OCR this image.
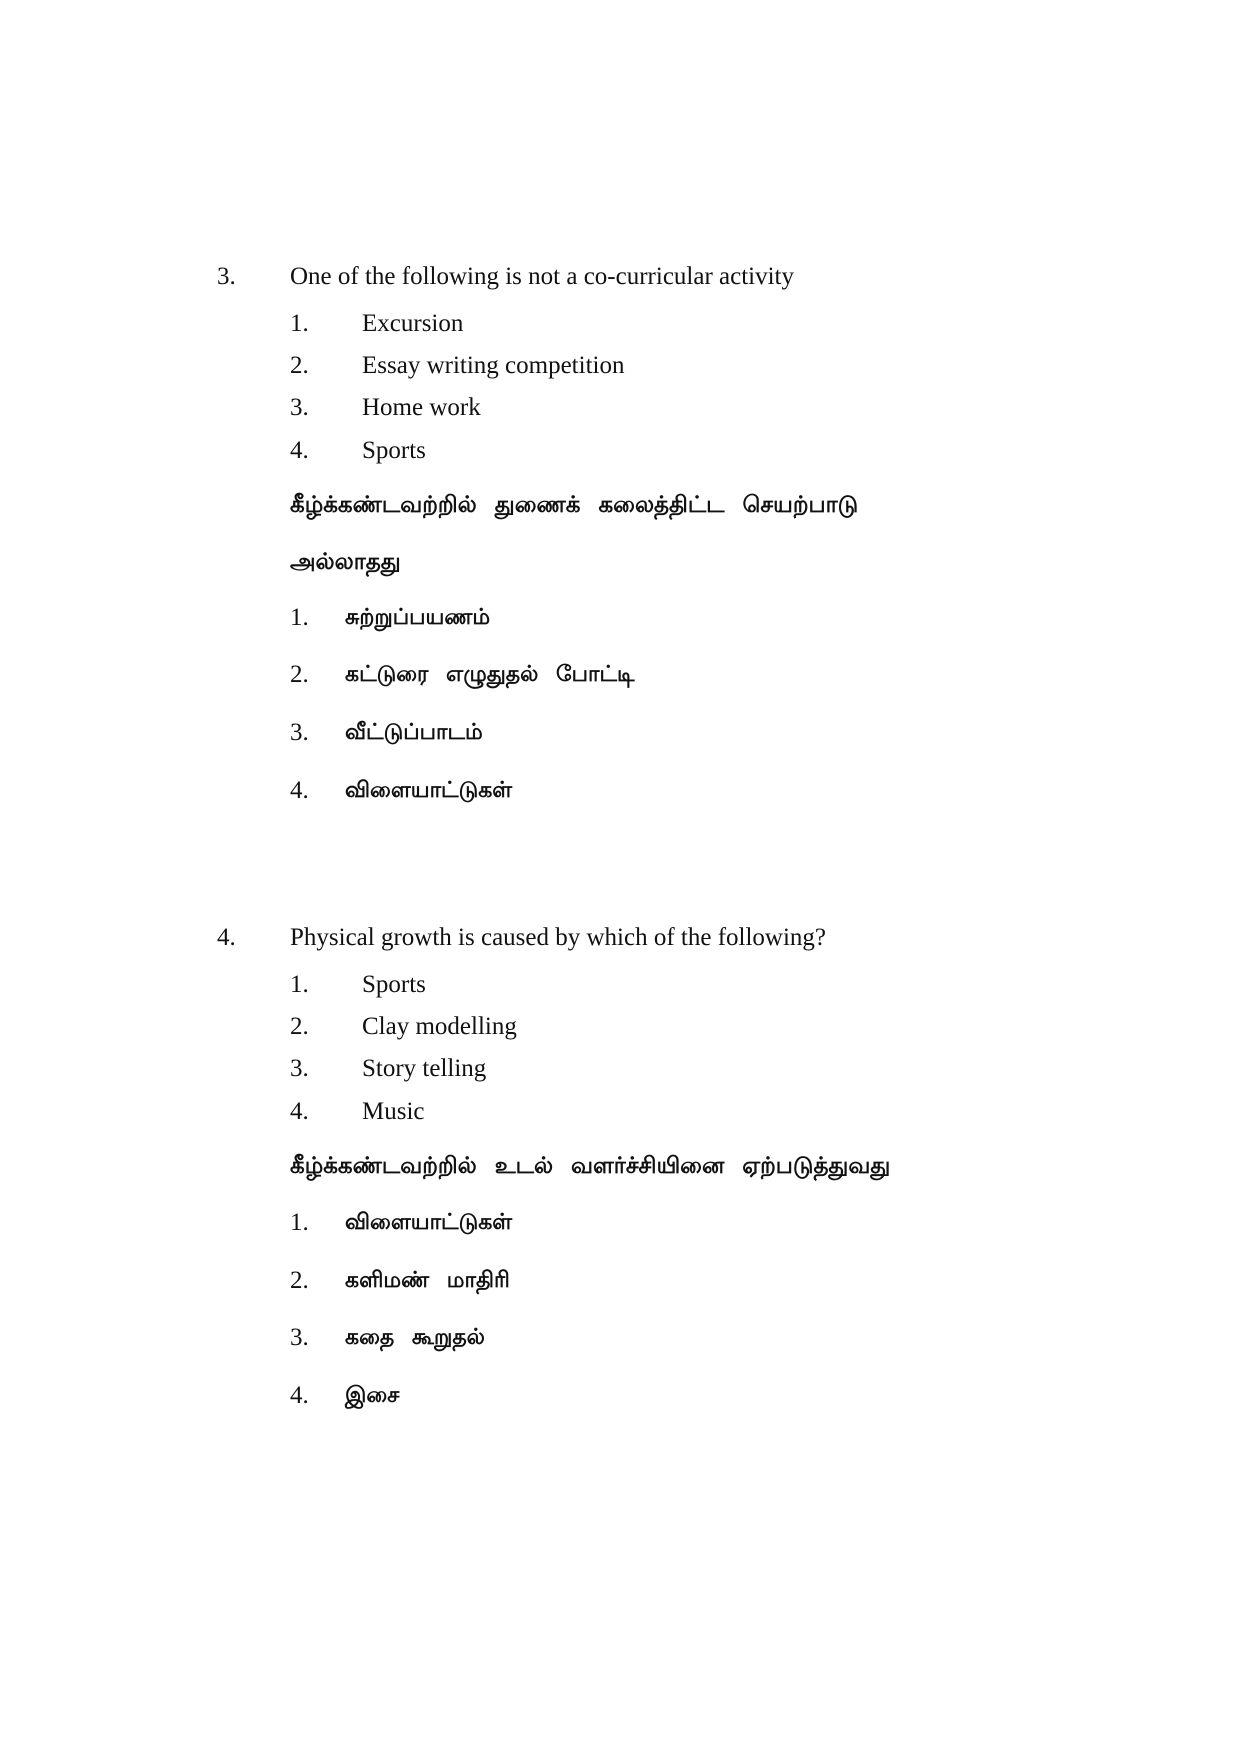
3. One of the following is not a co-curricular activity
1. Excursion
2. Essay writing competition
3. Home work
4. Sports
கீழ்க்கண்டவற்றில் துணைக் கலைத்திட்ட செயற்பாடு
அல்லாதது
1. சுற்றுப்பயணம்
2. கட்டுரை எழுதுதல் போட்டி
3. வீட்டுப்பாடம்
4. விளையாட்டுகள்
4. Physical growth is caused by which of the following?
1. Sports
2. Clay modelling
3. Story telling
4. Music
கீழ்க்கண்டவற்றில் உடல் வளர்ச்சியினை ஏற்படுத்துவது
1. விளையாட்டுகள்
2. களிமண் மாதிரி
3. கதை கூறுதல்
4. இசை
